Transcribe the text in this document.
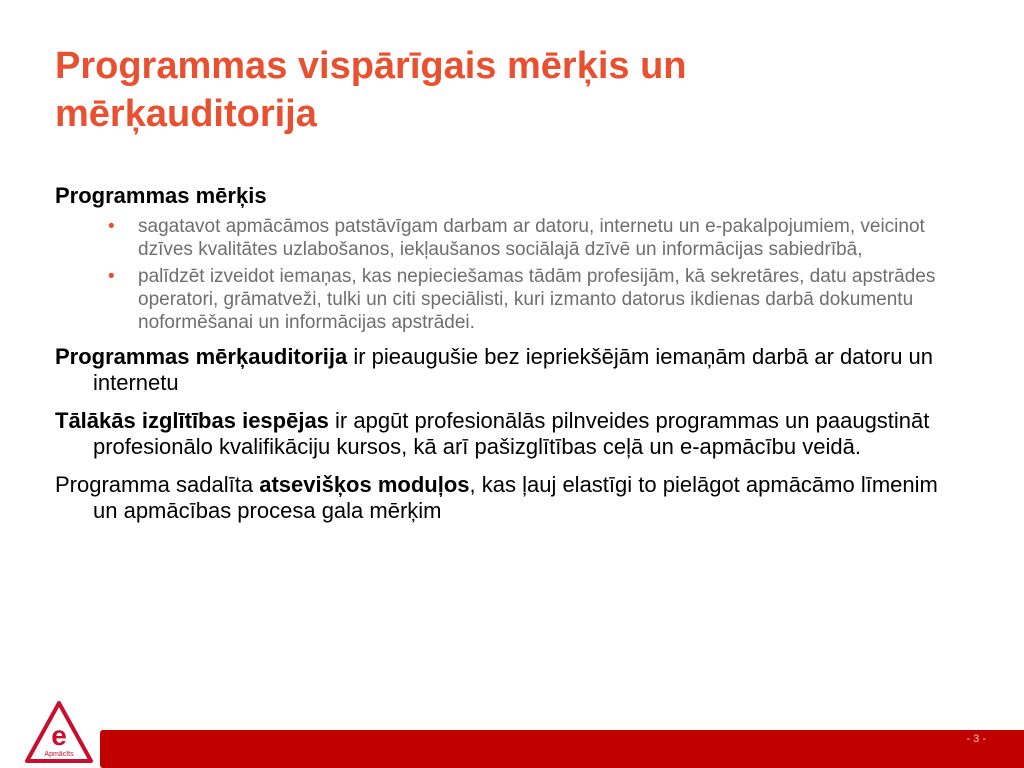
Programmas vispārīgais mērķis un mērķauditorija
Programmas mērķis
• sagatavot apmācāmos patstāvīgam darbam ar datoru, internetu un e-pakalpojumiem, veicinot dzīves kvalitātes uzlabošanos, iekļaušanos sociālajā dzīvē un informācijas sabiedrībā,
• palīdzēt izveidot iemaņas, kas nepieciešamas tādām profesijām, kā sekretāres, datu apstrādes operatori, grāmatveži, tulki un citi speciālisti, kuri izmanto datorus ikdienas darbā dokumentu noformēšanai un informācijas apstrādei.

Programmas mērķauditorija ir pieaugušie bez iepriekšējām iemaņām darbā ar datoru un internetu

Tālākās izglītības iespējas ir apgūt profesionālās pilnveides programmas un paaugstināt profesionālo kvalifikāciju kursos, kā arī pašizglītības ceļā un e-apmācību veidā.

Programma sadalīta atsevišķos moduļos, kas ļauj elastīgi to pielāgot apmācāmo līmenim un apmācības procesa gala mērķim

e
Apmācīts
- 3 -
